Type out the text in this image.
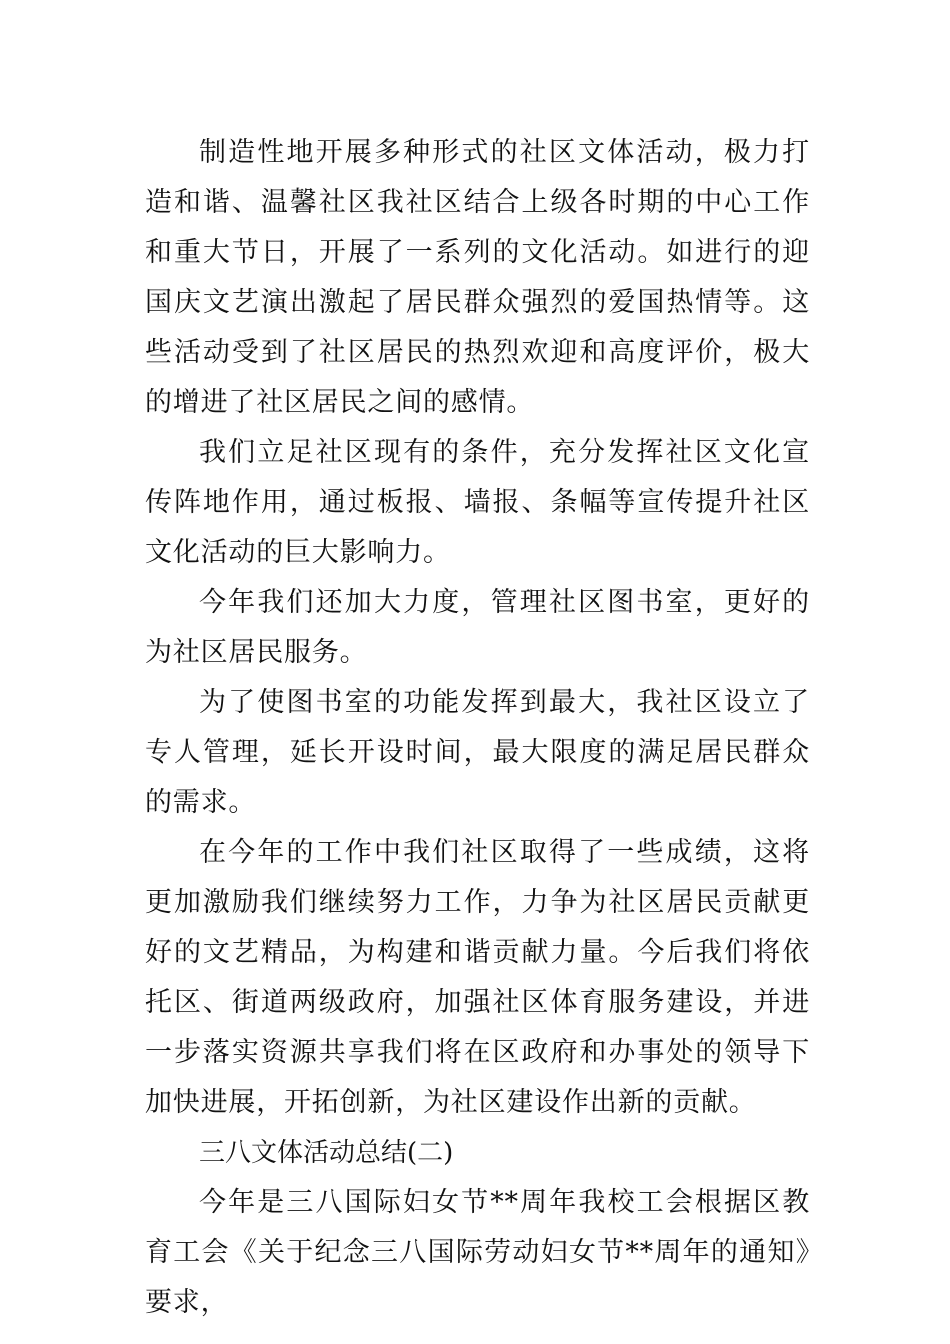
制造性地开展多种形式的社区文体活动，极力打造和谐、温馨社区我社区结合上级各时期的中心工作和重大节日，开展了一系列的文化活动。如进行的迎国庆文艺演出激起了居民群众强烈的爱国热情等。这些活动受到了社区居民的热烈欢迎和高度评价，极大的增进了社区居民之间的感情。

我们立足社区现有的条件，充分发挥社区文化宣传阵地作用，通过板报、墙报、条幅等宣传提升社区文化活动的巨大影响力。

今年我们还加大力度，管理社区图书室，更好的为社区居民服务。

为了使图书室的功能发挥到最大，我社区设立了专人管理，延长开设时间，最大限度的满足居民群众的需求。

在今年的工作中我们社区取得了一些成绩，这将更加激励我们继续努力工作，力争为社区居民贡献更好的文艺精品，为构建和谐贡献力量。今后我们将依托区、街道两级政府，加强社区体育服务建设，并进一步落实资源共享我们将在区政府和办事处的领导下加快进展，开拓创新，为社区建设作出新的贡献。

三八文体活动总结(二)

今年是三八国际妇女节**周年我校工会根据区教育工会《关于纪念三八国际劳动妇女节**周年的通知》要求，
